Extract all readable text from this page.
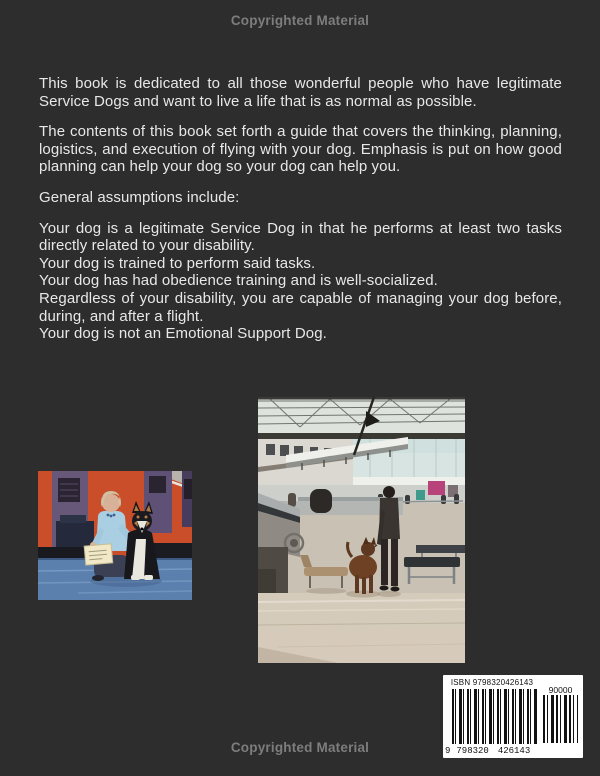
Copyrighted Material

This book is dedicated to all those wonderful people who have legitimate Service Dogs and want to live a life that is as normal as possible.

The contents of this book set forth a guide that covers the thinking, planning, logistics, and execution of flying with your dog. Emphasis is put on how good planning can help your dog so your dog can help you.

General assumptions include:

Your dog is a legitimate Service Dog in that he performs at least two tasks directly related to your disability.

Your dog is trained to perform said tasks.

Your dog has had obedience training and is well-socialized.

Regardless of your disability, you are capable of managing your dog before, during, and after a flight.

Your dog is not an Emotional Support Dog.

ISBN 9798320426143
90000
9 798320 426143
Copyrighted Material
